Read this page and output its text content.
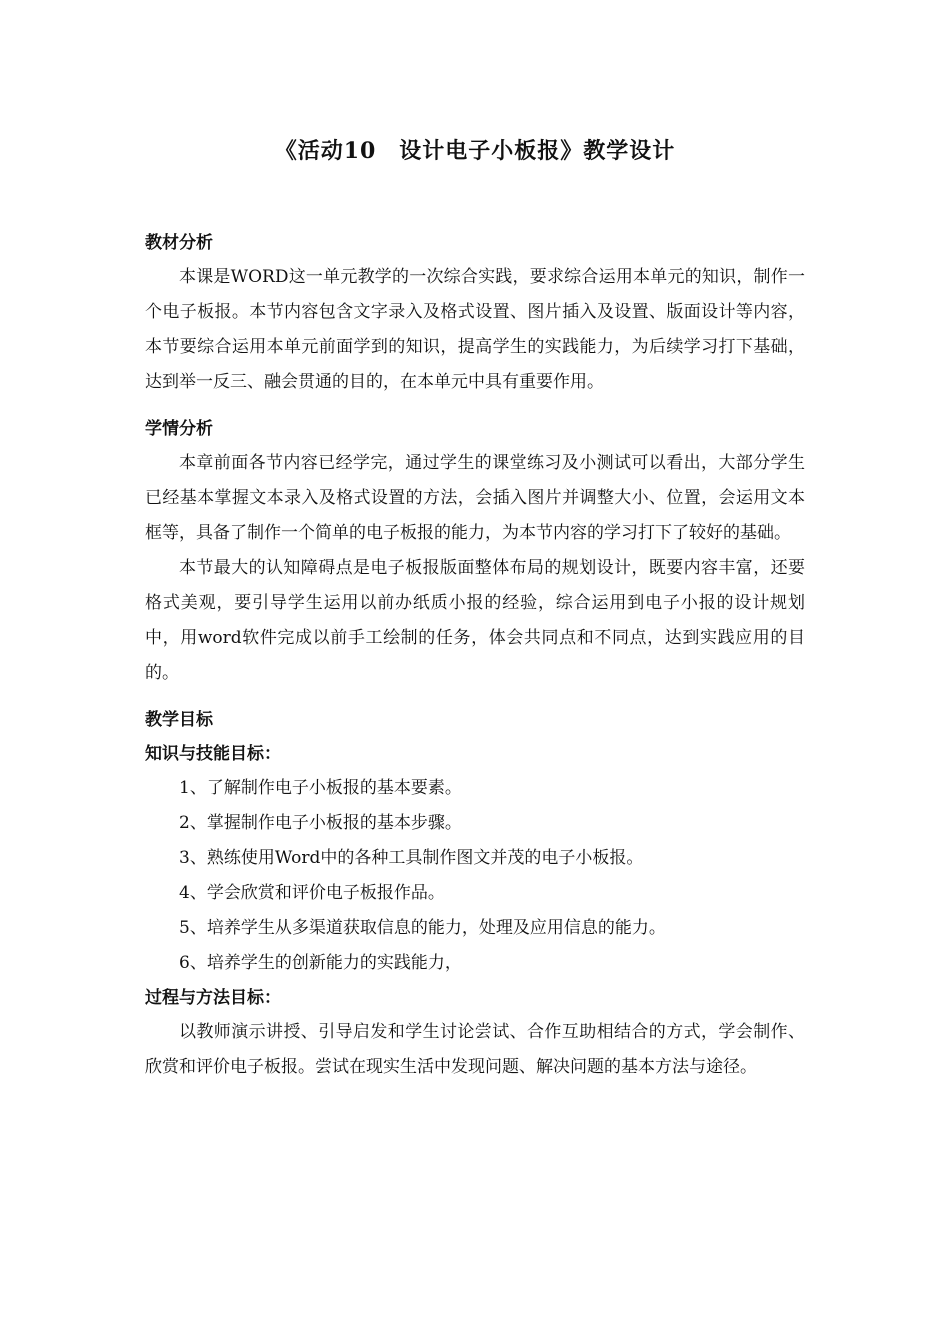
《活动10　设计电子小板报》教学设计

教材分析

本课是WORD这一单元教学的一次综合实践，要求综合运用本单元的知识，制作一个电子板报。本节内容包含文字录入及格式设置、图片插入及设置、版面设计等内容，本节要综合运用本单元前面学到的知识，提高学生的实践能力，为后续学习打下基础，达到举一反三、融会贯通的目的，在本单元中具有重要作用。

学情分析

本章前面各节内容已经学完，通过学生的课堂练习及小测试可以看出，大部分学生已经基本掌握文本录入及格式设置的方法，会插入图片并调整大小、位置，会运用文本框等，具备了制作一个简单的电子板报的能力，为本节内容的学习打下了较好的基础。

本节最大的认知障碍点是电子板报版面整体布局的规划设计，既要内容丰富，还要格式美观，要引导学生运用以前办纸质小报的经验，综合运用到电子小报的设计规划中，用word软件完成以前手工绘制的任务，体会共同点和不同点，达到实践应用的目的。

教学目标

知识与技能目标：

1、了解制作电子小板报的基本要素。

2、掌握制作电子小板报的基本步骤。

3、熟练使用Word中的各种工具制作图文并茂的电子小板报。

4、学会欣赏和评价电子板报作品。

5、培养学生从多渠道获取信息的能力，处理及应用信息的能力。

6、培养学生的创新能力的实践能力，

过程与方法目标：

以教师演示讲授、引导启发和学生讨论尝试、合作互助相结合的方式，学会制作、欣赏和评价电子板报。尝试在现实生活中发现问题、解决问题的基本方法与途径。
